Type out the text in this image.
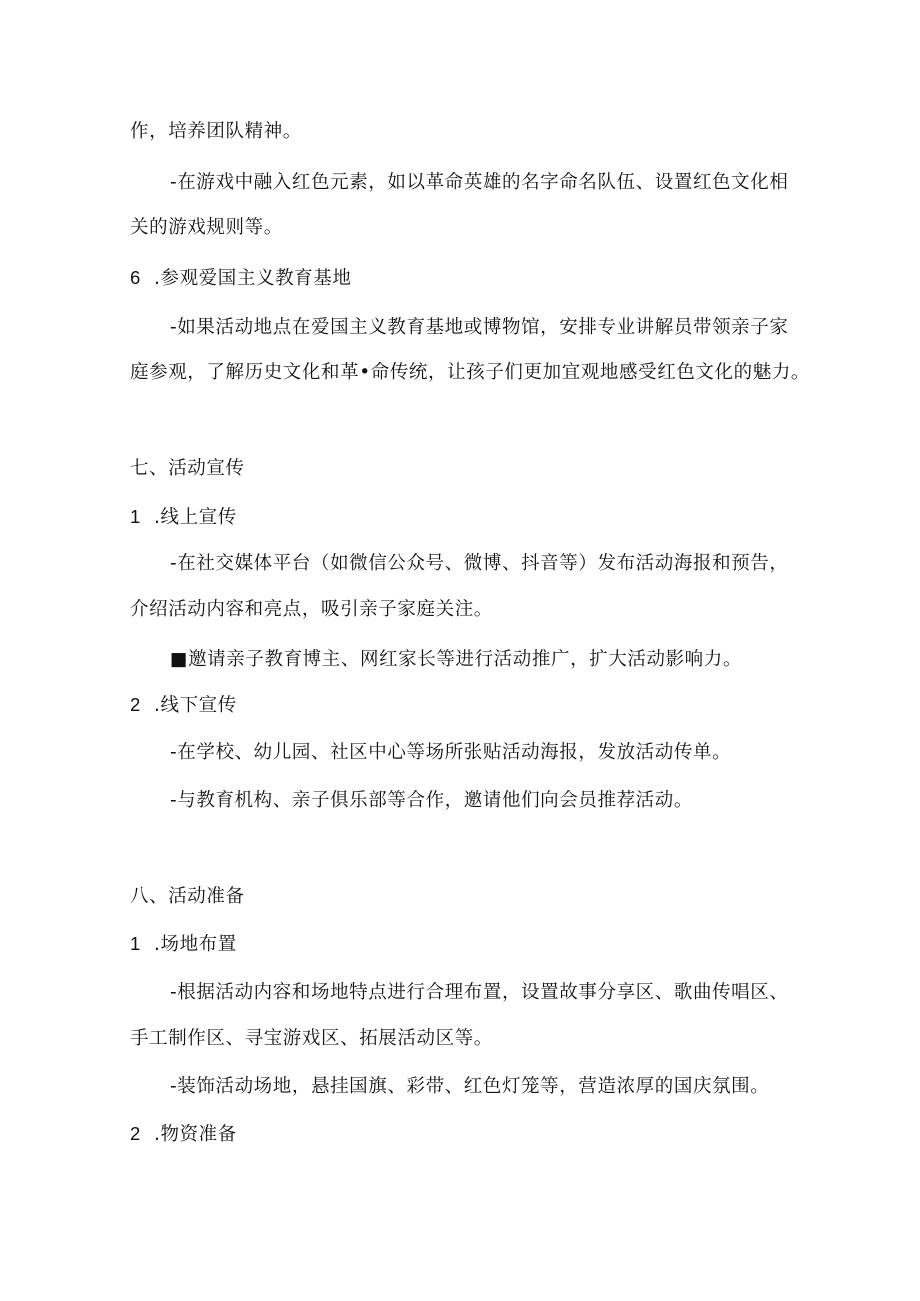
作，培养团队精神。
-在游戏中融入红色元素，如以革命英雄的名字命名队伍、设置红色文化相
关的游戏规则等。
6 .参观爱国主义教育基地
-如果活动地点在爱国主义教育基地或博物馆，安排专业讲解员带领亲子家
庭参观，了解历史文化和革•命传统，让孩子们更加宜观地感受红色文化的魅力。
七、活动宣传
1 .线上宣传
-在社交媒体平台（如微信公众号、微博、抖音等）发布活动海报和预告，
介绍活动内容和亮点，吸引亲子家庭关注。
■邀请亲子教育博主、网红家长等进行活动推广，扩大活动影响力。
2 .线下宣传
-在学校、幼儿园、社区中心等场所张贴活动海报，发放活动传单。
-与教育机构、亲子俱乐部等合作，邀请他们向会员推荐活动。
八、活动准备
1 .场地布置
-根据活动内容和场地特点进行合理布置，设置故事分享区、歌曲传唱区、
手工制作区、寻宝游戏区、拓展活动区等。
-装饰活动场地，悬挂国旗、彩带、红色灯笼等，营造浓厚的国庆氛围。
2 .物资准备
